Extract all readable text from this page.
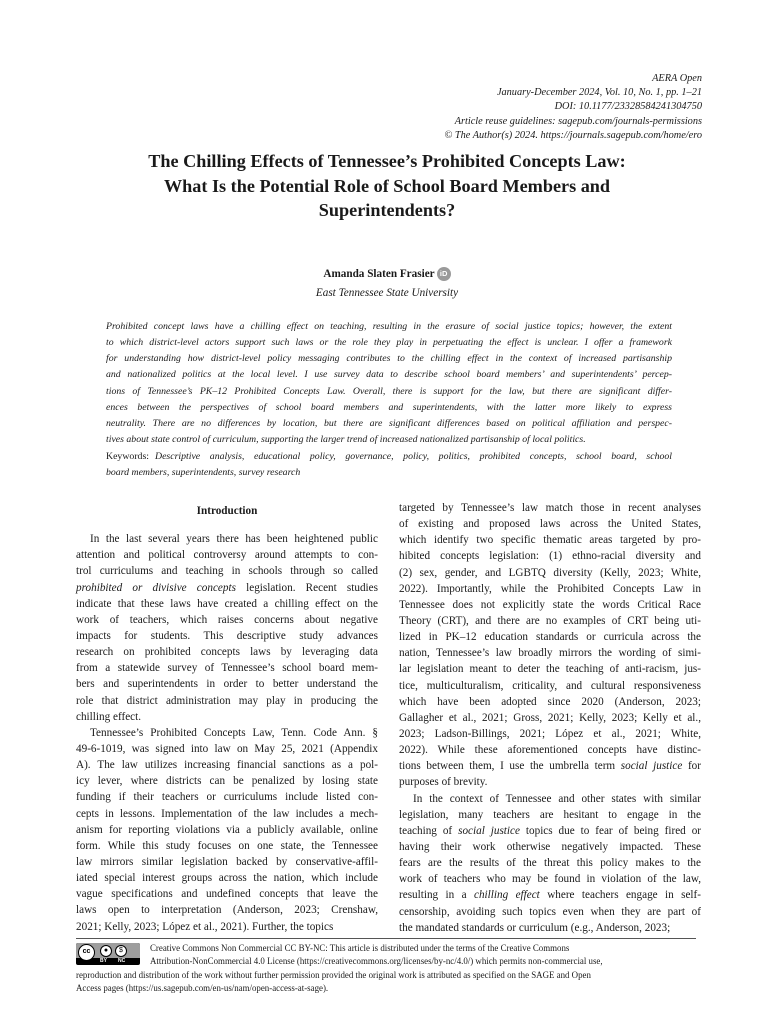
AERA Open
January-December 2024, Vol. 10, No. 1, pp. 1–21
DOI: 10.1177/23328584241304750
Article reuse guidelines: sagepub.com/journals-permissions
© The Author(s) 2024. https://journals.sagepub.com/home/ero
The Chilling Effects of Tennessee’s Prohibited Concepts Law:
What Is the Potential Role of School Board Members and
Superintendents?
Amanda Slaten Frasier iD
East Tennessee State University
Prohibited concept laws have a chilling effect on teaching, resulting in the erasure of social justice topics; however, the extent
to which district-level actors support such laws or the role they play in perpetuating the effect is unclear. I offer a framework
for understanding how district-level policy messaging contributes to the chilling effect in the context of increased partisanship
and nationalized politics at the local level. I use survey data to describe school board members’ and superintendents’ percep-
tions of Tennessee’s PK–12 Prohibited Concepts Law. Overall, there is support for the law, but there are significant differ-
ences between the perspectives of school board members and superintendents, with the latter more likely to express
neutrality. There are no differences by location, but there are significant differences based on political affiliation and perspec-
tives about state control of curriculum, supporting the larger trend of increased nationalized partisanship of local politics.
Keywords: Descriptive analysis, educational policy, governance, policy, politics, prohibited concepts, school board, school
board members, superintendents, survey research
Introduction
In the last several years there has been heightened public
attention and political controversy around attempts to con-
trol curriculums and teaching in schools through so called
prohibited or divisive concepts legislation. Recent studies
indicate that these laws have created a chilling effect on the
work of teachers, which raises concerns about negative
impacts for students. This descriptive study advances
research on prohibited concepts laws by leveraging data
from a statewide survey of Tennessee’s school board mem-
bers and superintendents in order to better understand the
role that district administration may play in producing the
chilling effect.
Tennessee’s Prohibited Concepts Law, Tenn. Code Ann. §
49-6-1019, was signed into law on May 25, 2021 (Appendix
A). The law utilizes increasing financial sanctions as a pol-
icy lever, where districts can be penalized by losing state
funding if their teachers or curriculums include listed con-
cepts in lessons. Implementation of the law includes a mech-
anism for reporting violations via a publicly available, online
form. While this study focuses on one state, the Tennessee
law mirrors similar legislation backed by conservative-affil-
iated special interest groups across the nation, which include
vague specifications and undefined concepts that leave the
laws open to interpretation (Anderson, 2023; Crenshaw,
2021; Kelly, 2023; López et al., 2021). Further, the topics
targeted by Tennessee’s law match those in recent analyses
of existing and proposed laws across the United States,
which identify two specific thematic areas targeted by pro-
hibited concepts legislation: (1) ethno-racial diversity and
(2) sex, gender, and LGBTQ diversity (Kelly, 2023; White,
2022). Importantly, while the Prohibited Concepts Law in
Tennessee does not explicitly state the words Critical Race
Theory (CRT), and there are no examples of CRT being uti-
lized in PK–12 education standards or curricula across the
nation, Tennessee’s law broadly mirrors the wording of simi-
lar legislation meant to deter the teaching of anti-racism, jus-
tice, multiculturalism, criticality, and cultural responsiveness
which have been adopted since 2020 (Anderson, 2023;
Gallagher et al., 2021; Gross, 2021; Kelly, 2023; Kelly et al.,
2023; Ladson-Billings, 2021; López et al., 2021; White,
2022). While these aforementioned concepts have distinc-
tions between them, I use the umbrella term social justice for
purposes of brevity.
In the context of Tennessee and other states with similar
legislation, many teachers are hesitant to engage in the
teaching of social justice topics due to fear of being fired or
having their work otherwise negatively impacted. These
fears are the results of the threat this policy makes to the
work of teachers who may be found in violation of the law,
resulting in a chilling effect where teachers engage in self-
censorship, avoiding such topics even when they are part of
the mandated standards or curriculum (e.g., Anderson, 2023;
cc	●	$
BY NC
Creative Commons Non Commercial CC BY-NC: This article is distributed under the terms of the Creative Commons
Attribution-NonCommercial 4.0 License (https://creativecommons.org/licenses/by-nc/4.0/) which permits non-commercial use,
reproduction and distribution of the work without further permission provided the original work is attributed as specified on the SAGE and Open
Access pages (https://us.sagepub.com/en-us/nam/open-access-at-sage).
